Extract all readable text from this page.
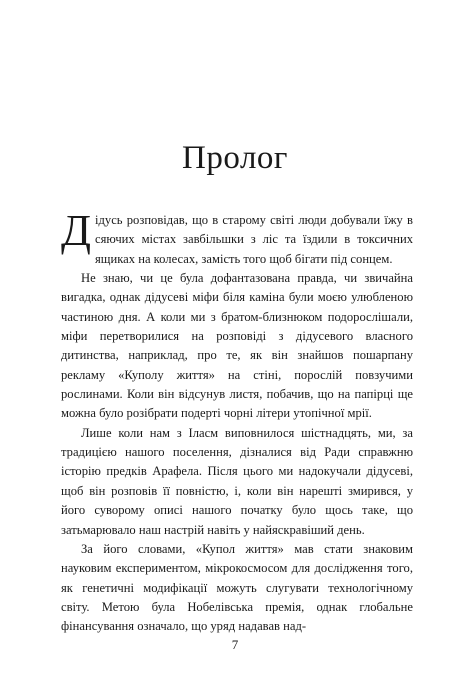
Пролог

Дідусь розповідав, що в старому світі люди добували їжу в сяючих містах завбільшки з ліс та їздили в токсичних ящиках на колесах, замість того щоб бігати під сонцем.

Не знаю, чи це була дофантазована правда, чи звичайна вигадка, однак дідусеві міфи біля каміна були моєю улюбленою частиною дня. А коли ми з братом-близнюком подорослішали, міфи перетворилися на розповіді з дідусевого власного дитинства, наприклад, про те, як він знайшов пошарпану рекламу «Куполу життя» на стіні, порослій повзучими рослинами. Коли він відсунув листя, побачив, що на папірці ще можна було розібрати подерті чорні літери утопічної мрії.

Лише коли нам з Іласм виповнилося шістнадцять, ми, за традицією нашого поселення, дізналися від Ради справжню історію предків Арафела. Після цього ми надокучали дідусеві, щоб він розповів її повністю, і, коли він нарешті змирився, у його суворому описі нашого початку було щось таке, що затьмарювало наш настрій навіть у найяскравіший день.

За його словами, «Купол життя» мав стати знаковим науковим експериментом, мікрокосмосом для дослідження того, як генетичні модифікації можуть слугувати технологічному світу. Метою була Нобелівська премія, однак глобальне фінансування означало, що уряд надавав над-

7
